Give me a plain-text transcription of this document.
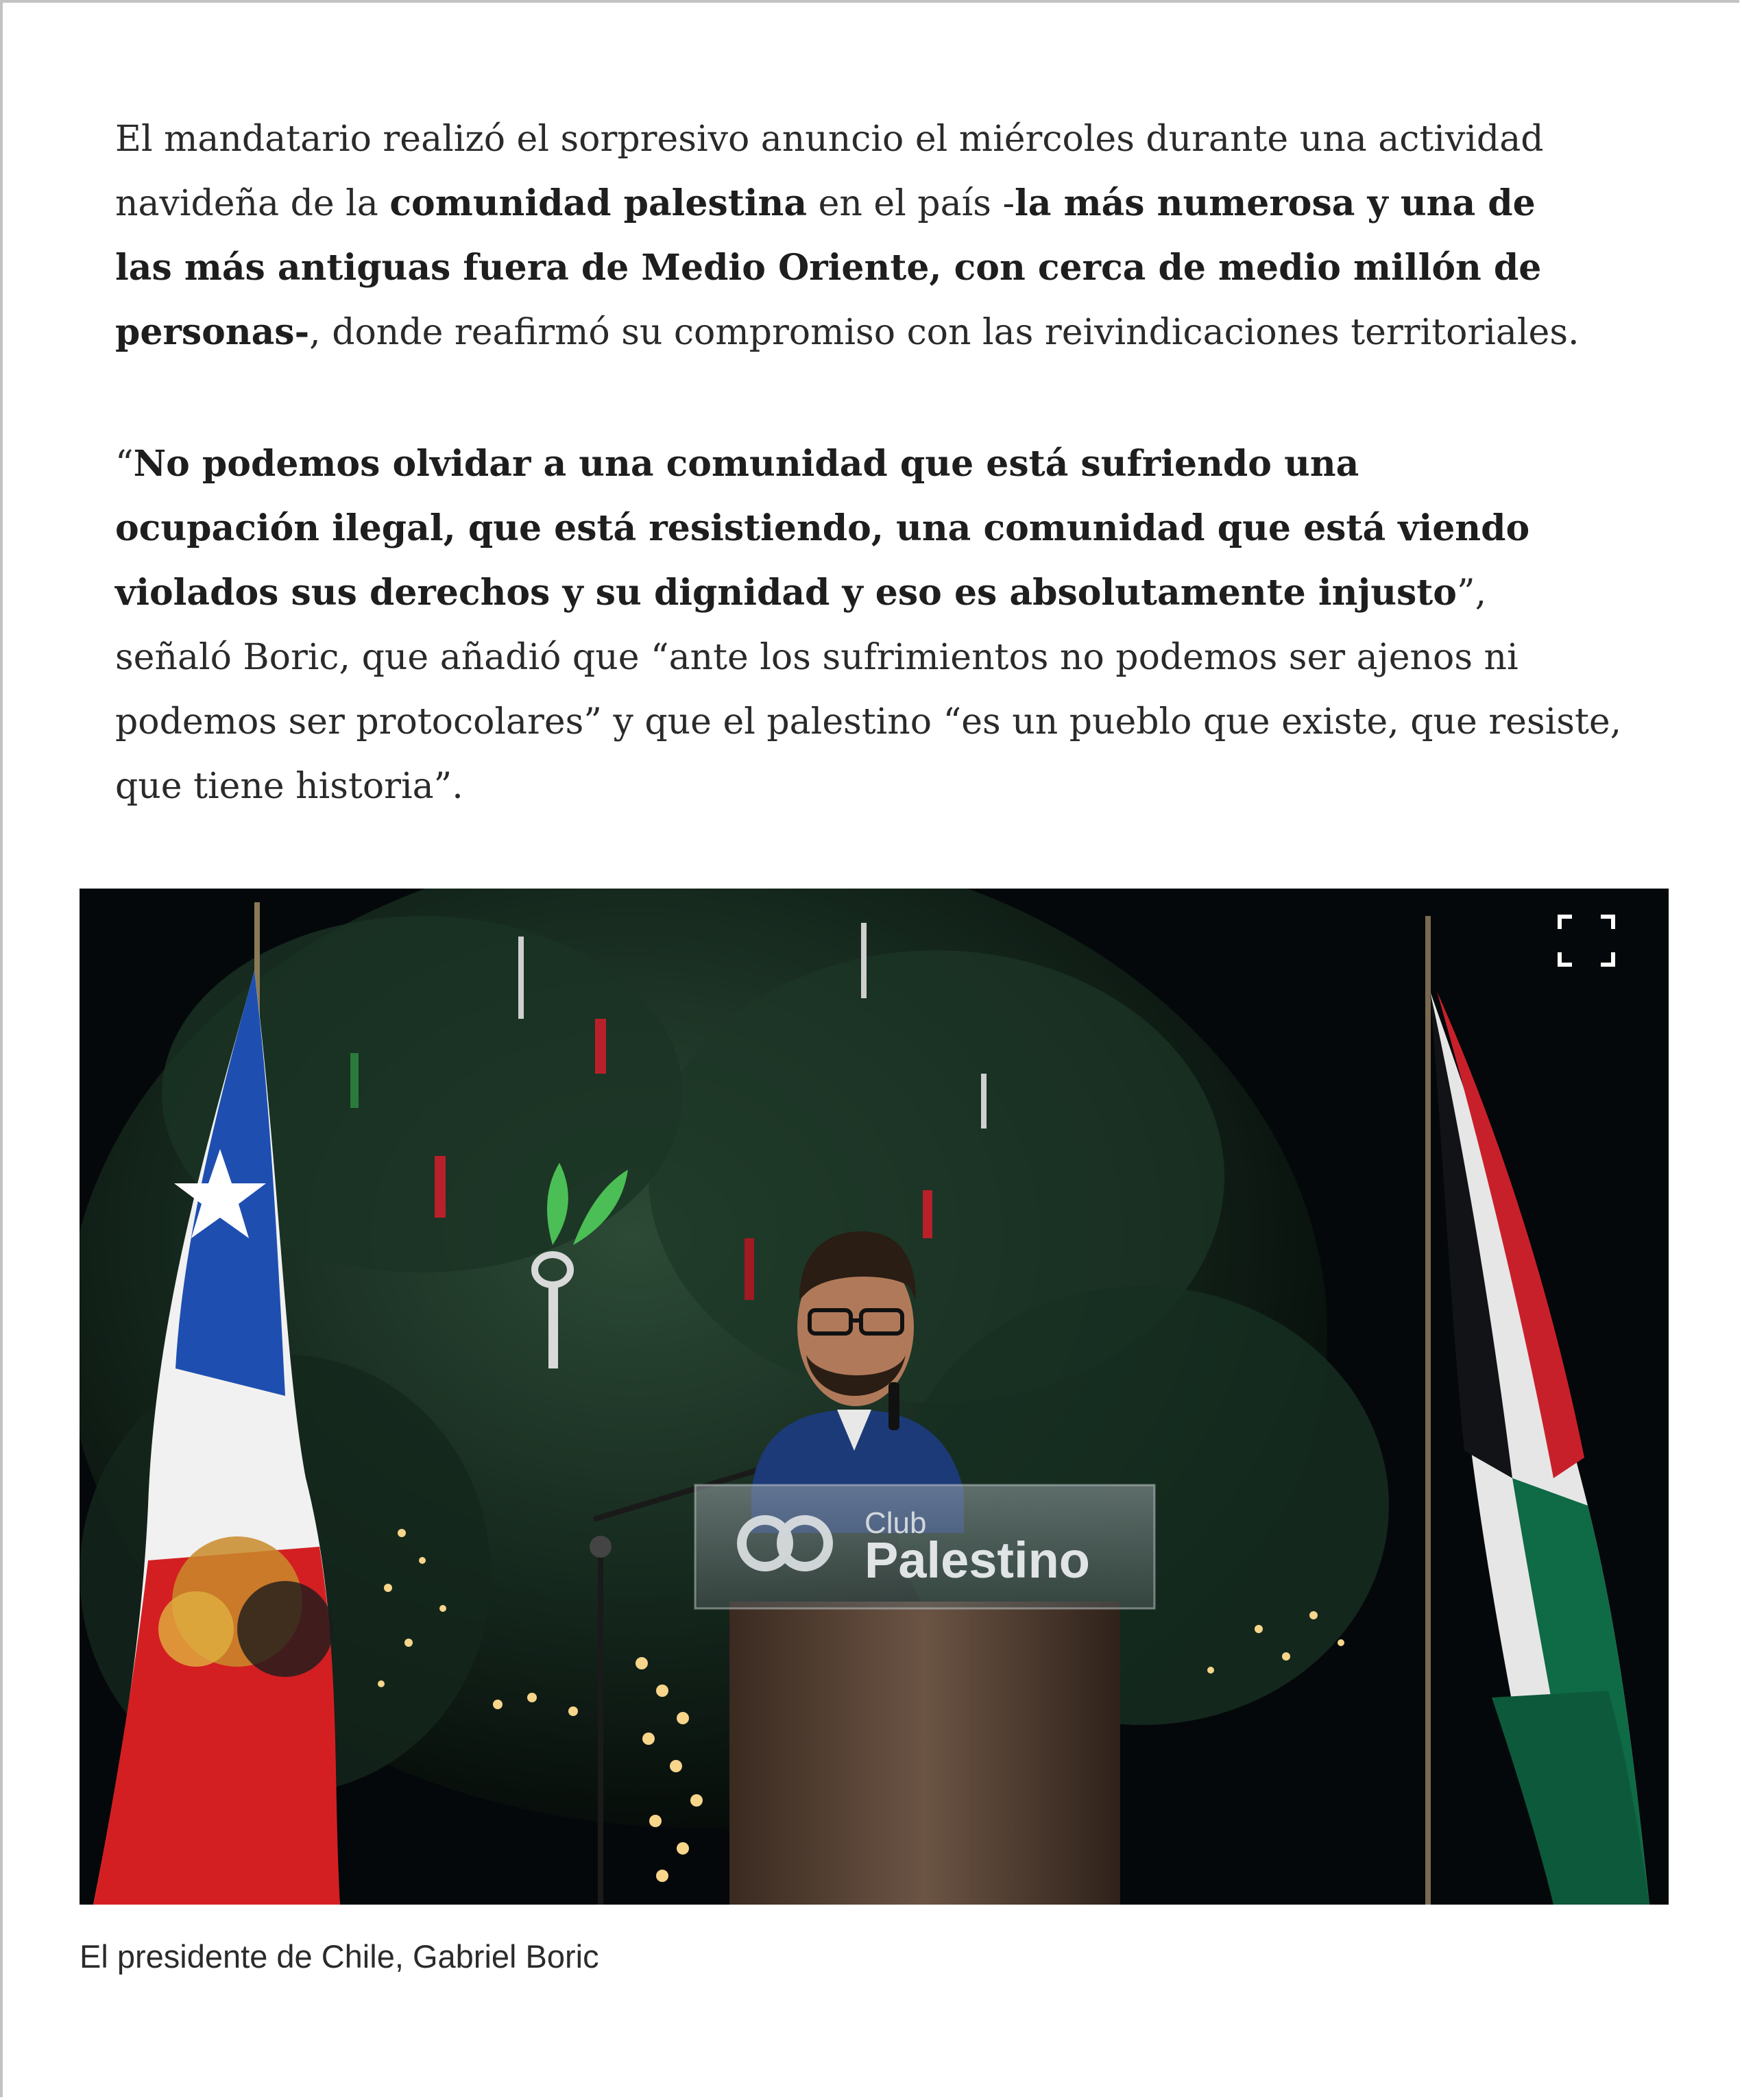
El mandatario realizó el sorpresivo anuncio el miércoles durante una actividad
navideña de la comunidad palestina en el país -la más numerosa y una de
las más antiguas fuera de Medio Oriente, con cerca de medio millón de
personas-, donde reafirmó su compromiso con las reivindicaciones territoriales.

“No podemos olvidar a una comunidad que está sufriendo una
ocupación ilegal, que está resistiendo, una comunidad que está viendo
violados sus derechos y su dignidad y eso es absolutamente injusto”,
señaló Boric, que añadió que “ante los sufrimientos no podemos ser ajenos ni
podemos ser protocolares” y que el palestino “es un pueblo que existe, que resiste,
que tiene historia”.

Club
Palestino

El presidente de Chile, Gabriel Boric
